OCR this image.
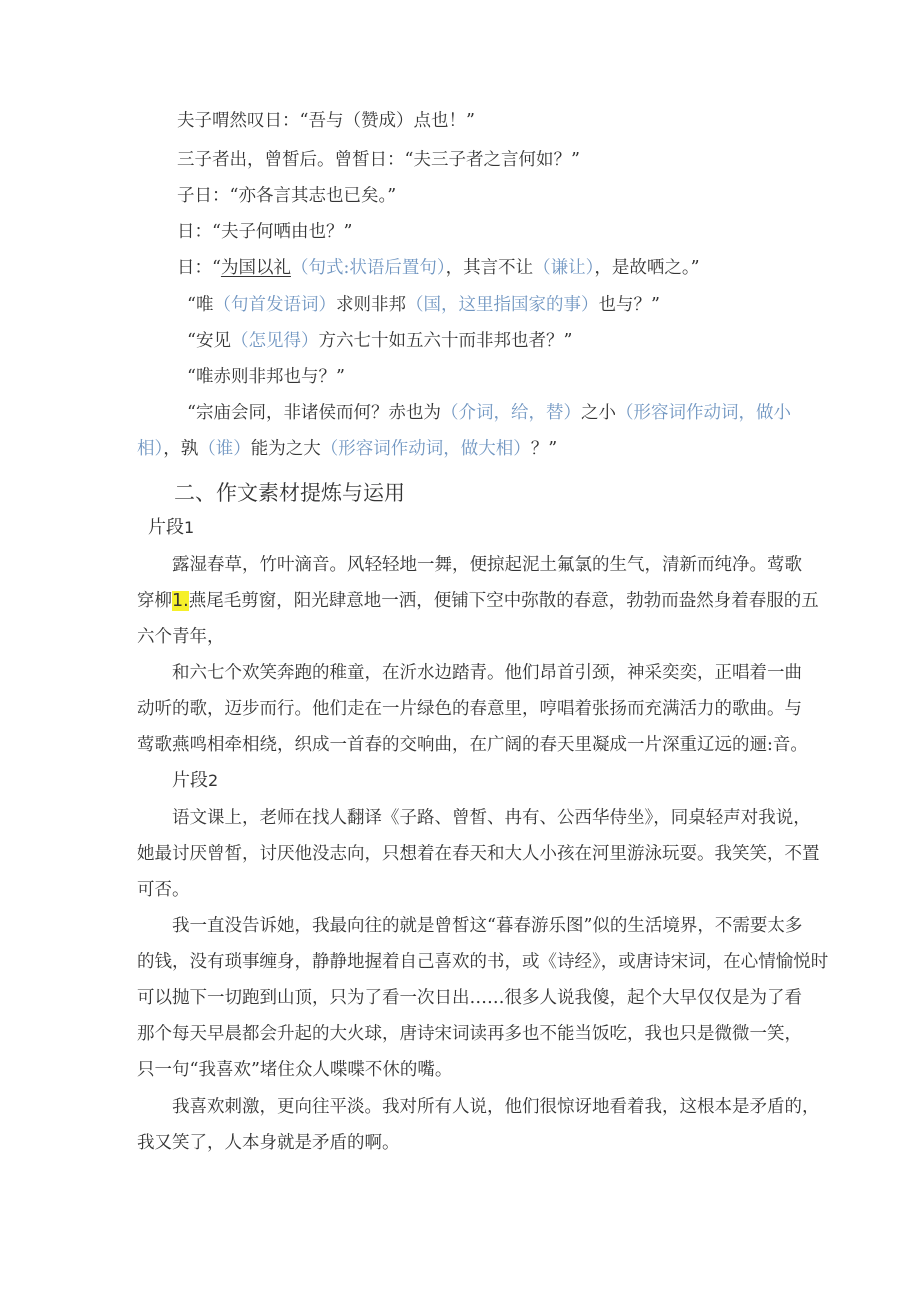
夫子喟然叹日：“吾与（赞成）点也！”
三子者出，曾皙后。曾皙日：“夫三子者之言何如？”
子日：“亦各言其志也已矣。”
日：“夫子何哂由也？”
日：“为国以礼（句式:状语后置句），其言不让（谦让），是故哂之。”
“唯（句首发语词）求则非邦（国，这里指国家的事）也与？”
“安见（怎见得）方六七十如五六十而非邦也者？”
“唯赤则非邦也与？”
“宗庙会同，非诸侯而何？赤也为（介词，给，替）之小（形容词作动词，做小
相），孰（谁）能为之大（形容词作动词，做大相）？”
二、作文素材提炼与运用
片段1
露湿春草，竹叶滴音。风轻轻地一舞，便掠起泥土氟氯的生气，清新而纯净。莺歌
穿柳1.燕尾毛剪窗，阳光肆意地一洒，便铺下空中弥散的春意，勃勃而盎然身着春服的五
六个青年，
和六七个欢笑奔跑的稚童，在沂水边踏青。他们昂首引颈，神采奕奕，正唱着一曲
动听的歌，迈步而行。他们走在一片绿色的春意里，哼唱着张扬而充满活力的歌曲。与
莺歌燕鸣相牵相绕，织成一首春的交响曲，在广阔的春天里凝成一片深重辽远的逦:音。
片段2
语文课上，老师在找人翻译《子路、曾皙、冉有、公西华侍坐》，同桌轻声对我说，
她最讨厌曾皙，讨厌他没志向，只想着在春天和大人小孩在河里游泳玩耍。我笑笑，不置
可否。
我一直没告诉她，我最向往的就是曾皙这“暮春游乐图”似的生活境界，不需要太多
的钱，没有琐事缠身，静静地握着自己喜欢的书，或《诗经》，或唐诗宋词，在心情愉悦时
可以抛下一切跑到山顶，只为了看一次日出……很多人说我傻，起个大早仅仅是为了看
那个每天早晨都会升起的大火球，唐诗宋词读再多也不能当饭吃，我也只是微微一笑，
只一句“我喜欢”堵住众人喋喋不休的嘴。
我喜欢刺激，更向往平淡。我对所有人说，他们很惊讶地看着我，这根本是矛盾的，
我又笑了，人本身就是矛盾的啊。
